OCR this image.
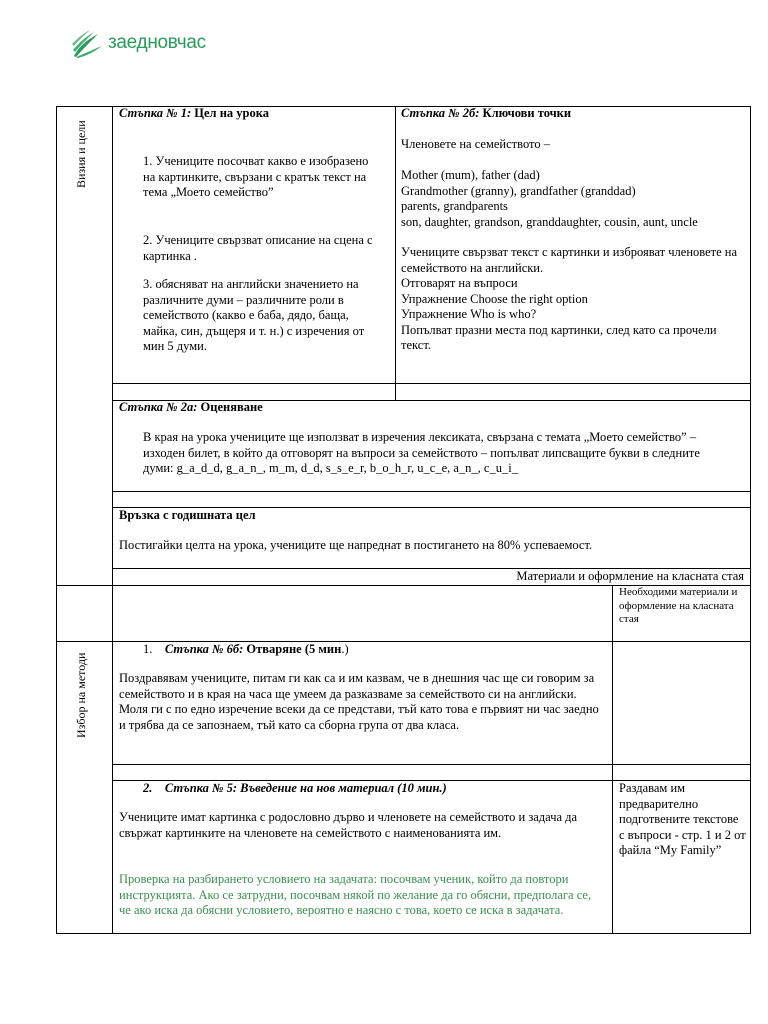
заедновчас
Визия и цели
Избор на методи
Стъпка № 1: Цел на урока
1. Учениците посочват какво е изобразено на картинките, свързани с кратък текст на тема „Моето семейство”
2. Учениците свързват описание на сцена с картинка .
3. обясняват на английски значението на различните думи – различните роли в семейството (какво е баба, дядо, баща, майка, син, дъщеря и т. н.) с изречения от мин 5 думи.
Стъпка № 2б: Ключови точки
Членовете на семейството –

Mother (mum), father (dad)

Grandmother (granny), grandfather (granddad)

parents, grandparents

son, daughter, grandson, granddaughter, cousin, aunt, uncle

Учениците свързват текст с картинки и изброяват членовете на семейството на английски.

Отговарят на въпроси

Упражнение Choose the right option

Упражнение Who is who?

Попълват празни места под картинки, след като са прочели текст.

Стъпка № 2а: Оценяване
В края на урока учениците ще използват в изречения лексиката, свързана с темата „Моето семейство” – изходен билет, в който да отговорят на въпроси за семейството – попълват липсващите букви в следните думи: g_a_d_d, g_a_n_, m_m, d_d, s_s_e_r, b_o_h_r, u_c_e, a_n_, c_u_i_
Връзка с годишната цел
Постигайки целта на урока, учениците ще напреднат в постигането на 80% успеваемост.
Материали и оформление на класната стая
Необходими материали и оформление на класната стая
1. Стъпка № 6б: Отваряне (5 мин.)
Поздравявам учениците, питам ги как са и им казвам, че в днешния час ще си говорим за семейството и в края на часа ще умеем да разказваме за семейството си на английски. Моля ги с по едно изречение всеки да се представи, тъй като това е първият ни час заедно и трябва да се запознаем, тъй като са сборна група от два класа.
2. Стъпка № 5: Въведение на нов материал (10 мин.)
Учениците имат картинка с родословно дърво и членовете на семейството и задача да свържат картинките на членовете на семейството с наименованията им.
Проверка на разбирането условието на задачата: посочвам ученик, който да повтори инструкцията. Ако се затрудни, посочвам някой по желание да го обясни, предполага се, че ако иска да обясни условието, вероятно е наясно с това, което се иска в задачата.
Раздавам им предварително подготвените текстове с въпроси - стр. 1 и 2 от файла “My Family”
